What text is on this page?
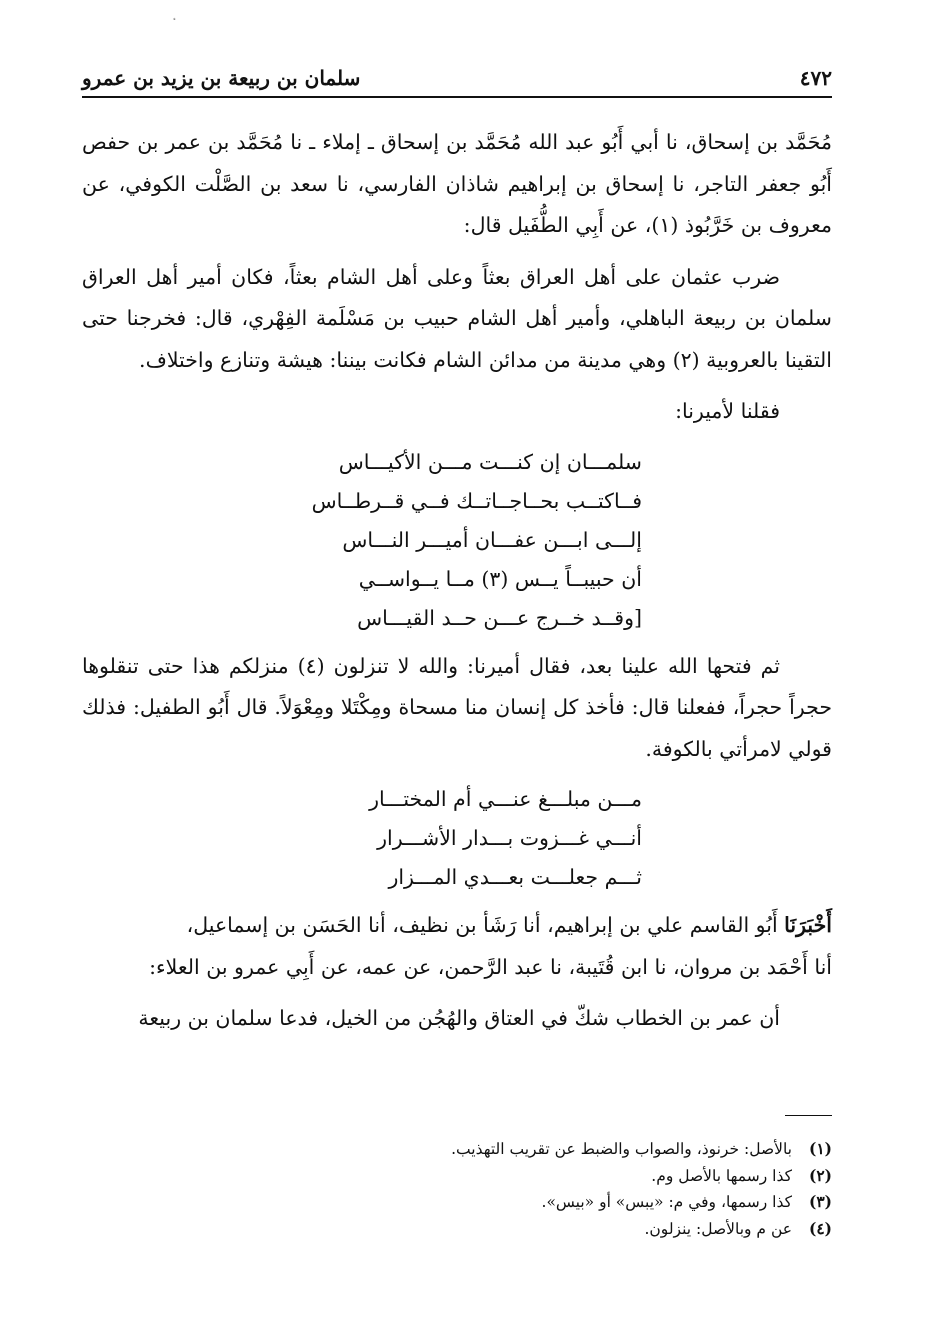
٤٧٢
سلمان بن ربيعة بن يزيد بن عمرو

مُحَمَّد بن إسحاق، نا أبي أَبُو عبد الله مُحَمَّد بن إسحاق ـ إملاء ـ نا مُحَمَّد بن عمر بن حفص أَبُو جعفر التاجر، نا إسحاق بن إبراهيم شاذان الفارسي، نا سعد بن الصَّلْت الكوفي، عن معروف بن خَرَّبُوذ (١)، عن أَبِي الطُّفَيل قال:

ضرب عثمان على أهل العراق بعثاً وعلى أهل الشام بعثاً، فكان أمير أهل العراق سلمان بن ربيعة الباهلي، وأمير أهل الشام حبيب بن مَسْلَمة الفِهْري، قال: فخرجنا حتى التقينا بالعروبية (٢) وهي مدينة من مدائن الشام فكانت بيننا: هيشة وتنازع واختلاف.

فقلنا لأميرنا:

سلمـــان إن كنـــت مـــن الأكيـــاس
فــاكتــب بحــاجــاتــك فــي قــرطــاس
إلـــى ابـــن عفـــان أميـــر النـــاس
أن حبيبــاً يــس (٣) مــا يــواســي
[وقــد خــرج عـــن حــد القيـــاس

ثم فتحها الله علينا بعد، فقال أميرنا: والله لا تنزلون (٤) منزلكم هذا حتى تنقلوها حجراً حجراً، ففعلنا قال: فأخذ كل إنسان منا مسحاة ومِكْتَلا ومِعْوَلاً. قال أَبُو الطفيل: فذلك قولي لامرأتي بالكوفة.

مـــن مبلـــغ عنـــي أم المختـــار
أنـــي غـــزوت بـــدار الأشـــرار
ثـــم جعلـــت بعـــدي المـــزار

أَخْبَرَنَا أَبُو القاسم علي بن إبراهيم، أنا رَشَأ بن نظيف، أنا الحَسَن بن إسماعيل،

أنا أَحْمَد بن مروان، نا ابن قُتَيبة، نا عبد الرَّحمن، عن عمه، عن أَبِي عمرو بن العلاء:

أن عمر بن الخطاب شكّ في العتاق والهُجُن من الخيل، فدعا سلمان بن ربيعة

(١)بالأصل: خرنوذ، والصواب والضبط عن تقريب التهذيب.
(٢)كذا رسمها بالأصل وم.
(٣)كذا رسمها، وفي م: «يبس» أو «بيس».
(٤)عن م وبالأصل: ينزلون.
